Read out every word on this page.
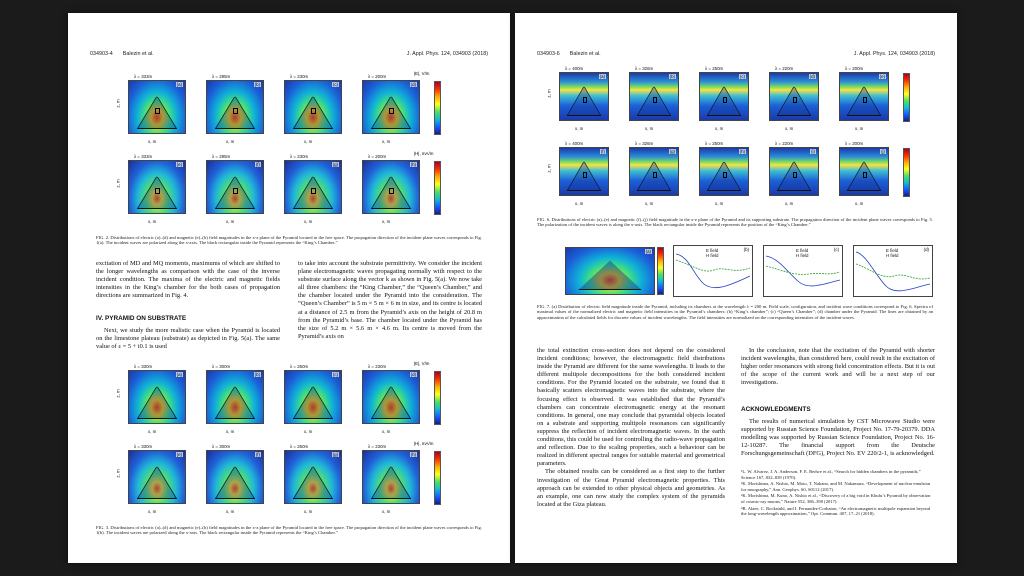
034903-4 Balezin et al.	J. Appl. Phys. 124, 034903 (2018)
λ = 333m
(a)
x, m
z, m
λ = 285m
(b)
x, m
λ = 230m
(c)
x, m
λ = 200m
(d)
x, m
|E|, V/m
λ = 333m
(e)
x, m
z, m
λ = 285m
(f)
x, m
λ = 230m
(g)
x, m
λ = 200m
(h)
x, m
|H|, mA/m
FIG. 2. Distributions of electric (a)–(d) and magnetic (e)–(h) field magnitudes in the x-z plane of the Pyramid located in the free space. The propagation direction of the incident plane waves corresponds to Fig. 1(a). The incident waves are polarized along the x-axis. The black rectangular inside the Pyramid represents the “King’s Chamber.”

excitation of MD and MQ moments, maximums of which are shifted to the longer wavelengths as comparison with the case of the inverse incident condition. The maxima of the electric and magnetic fields intensities in the King’s chamber for the both cases of propagation directions are summarized in Fig. 4.

IV. PYRAMID ON SUBSTRATE

Next, we study the more realistic case when the Pyramid is located on the limestone plateau (substrate) as depicted in Fig. 5(a). The same value of ε = 5 + i0.1 is used

to take into account the substrate permittivity. We consider the incident plane electromagnetic waves propagating normally with respect to the substrate surface along the vector k as shown in Fig. 5(a). We now take all three chambers: the “King Chamber,” the “Queen’s Chamber,” and the chamber located under the Pyramid into the consideration. The “Queen’s Chamber” is 5 m × 5 m × 6 m in size, and its centre is located at a distance of 2.5 m from the Pyramid’s axis on the height of 20.8 m from the Pyramid’s base. The chamber located under the Pyramid has the size of 5.2 m × 5.6 m × 4.6 m. Its centre is moved from the Pyramid’s axis on

λ = 330m
(a)
x, m
z, m
λ = 300m
(b)
x, m
λ = 260m
(c)
x, m
λ = 230m
(d)
x, m
|E|, V/m
λ = 330m
(e)
x, m
z, m
λ = 300m
(f)
x, m
λ = 260m
(g)
x, m
λ = 230m
(h)
x, m
|H|, mA/m
FIG. 3. Distributions of electric (a)–(d) and magnetic (e)–(h) field magnitudes in the x-z plane of the Pyramid located in the free space. The propagation direction of the incident plane waves corresponds to Fig. 1(b). The incident waves are polarized along the x-axis. The black rectangular inside the Pyramid represents the “King’s Chamber.”
034903-6 Balezin et al.	J. Appl. Phys. 124, 034903 (2018)
λ = 400m
(a)
x, m
z, m
λ = 326m
(b)
x, m
λ = 250m
(c)
x, m
λ = 220m
(d)
x, m
λ = 200m
(e)
x, m
λ = 400m
(f)
x, m
z, m
λ = 326m
(g)
x, m
λ = 250m
(h)
x, m
λ = 220m
(i)
x, m
λ = 200m
(j)
x, m
FIG. 6. Distributions of electric (a)–(e) and magnetic (f)–(j) field magnitude in the x-z plane of the Pyramid and its supporting substrate. The propagation direction of the incident plane waves corresponds to Fig. 5. The polarization of the incident waves is along the x-axis. The black rectangular inside the Pyramid represents the position of the “King’s Chamber.”
(a)	(b)
E field
H field
(c)
E field
H field
(d)
E field
H field
FIG. 7. (a) Distribution of electric field magnitude inside the Pyramid, including its chambers at the wavelength λ = 200 m. Field scale, configuration, and incident wave conditions correspond to Fig. 6. Spectra of maximal values of the normalized electric and magnetic field intensities in the Pyramid’s chambers: (b) “King’s chamber”; (c) “Queen’s Chamber”; (d) chamber under the Pyramid. The lines are obtained by an approximation of the calculated fields for discrete values of incident wavelengths. The field intensities are normalized on the corresponding intensities of the incident waves.

the total extinction cross-section does not depend on the considered incident conditions; however, the electromagnetic field distributions inside the Pyramid are different for the same wavelengths. It leads to the different multipole decompositions for the both considered incident conditions. For the Pyramid located on the substrate, we found that it basically scatters electromagnetic waves into the substrate, where the focusing effect is observed. It was established that the Pyramid’s chambers can concentrate electromagnetic energy at the resonant conditions. In general, one may conclude that pyramidal objects located on a substrate and supporting multipole resonances can significantly suppress the reflection of incident electromagnetic waves. In the earth conditions, this could be used for controlling the radio-wave propagation and reflection. Due to the scaling properties, such a behaviour can be realized in different spectral ranges for suitable material and geometrical parameters.

The obtained results can be considered as a first step to the further investigation of the Great Pyramid electromagnetic properties. This approach can be extended to other physical objects and geometries. As an example, one can now study the complex system of the pyramids located at the Giza plateau.

In the conclusion, note that the excitation of the Pyramid with shorter incident wavelengths, than considered here, could result in the excitation of higher order resonances with strong field concentration effects. But it is out of the scope of the current work and will be a next step of our investigations.

ACKNOWLEDGMENTS

The results of numerical simulation by CST Microwave Studio were supported by Russian Science Foundation, Project No. 17-79-20379. DDA modelling was supported by Russian Science Foundation, Project No. 16-12-10287. The financial support from the Deutsche Forschungsgemeinschaft (DFG), Project No. EV 220/2-1, is acknowledged.

¹L. W. Alvarez, J. A. Anderson, F. E. Bedwe et al., “Search for hidden chambers in the pyramids,” Science 167, 832–839 (1970).

²K. Morishima, A. Nishio, M. Moto, T. Nakano, and M. Nakamura, “Development of nuclear emulsion for muography,” Ann. Geophys. 60, S0112 (2017).

³K. Morishima, M. Kuno, A. Nishio et al., “Discovery of a big void in Khufu’s Pyramid by observation of cosmic-ray muons,” Nature 552, 386–390 (2017).

⁴R. Alaee, C. Rockstuhl, and I. Fernandez-Corbaton, “An electromagnetic multipole expansion beyond the long-wavelength approximation,” Opt. Commun. 407, 17–21 (2018).
